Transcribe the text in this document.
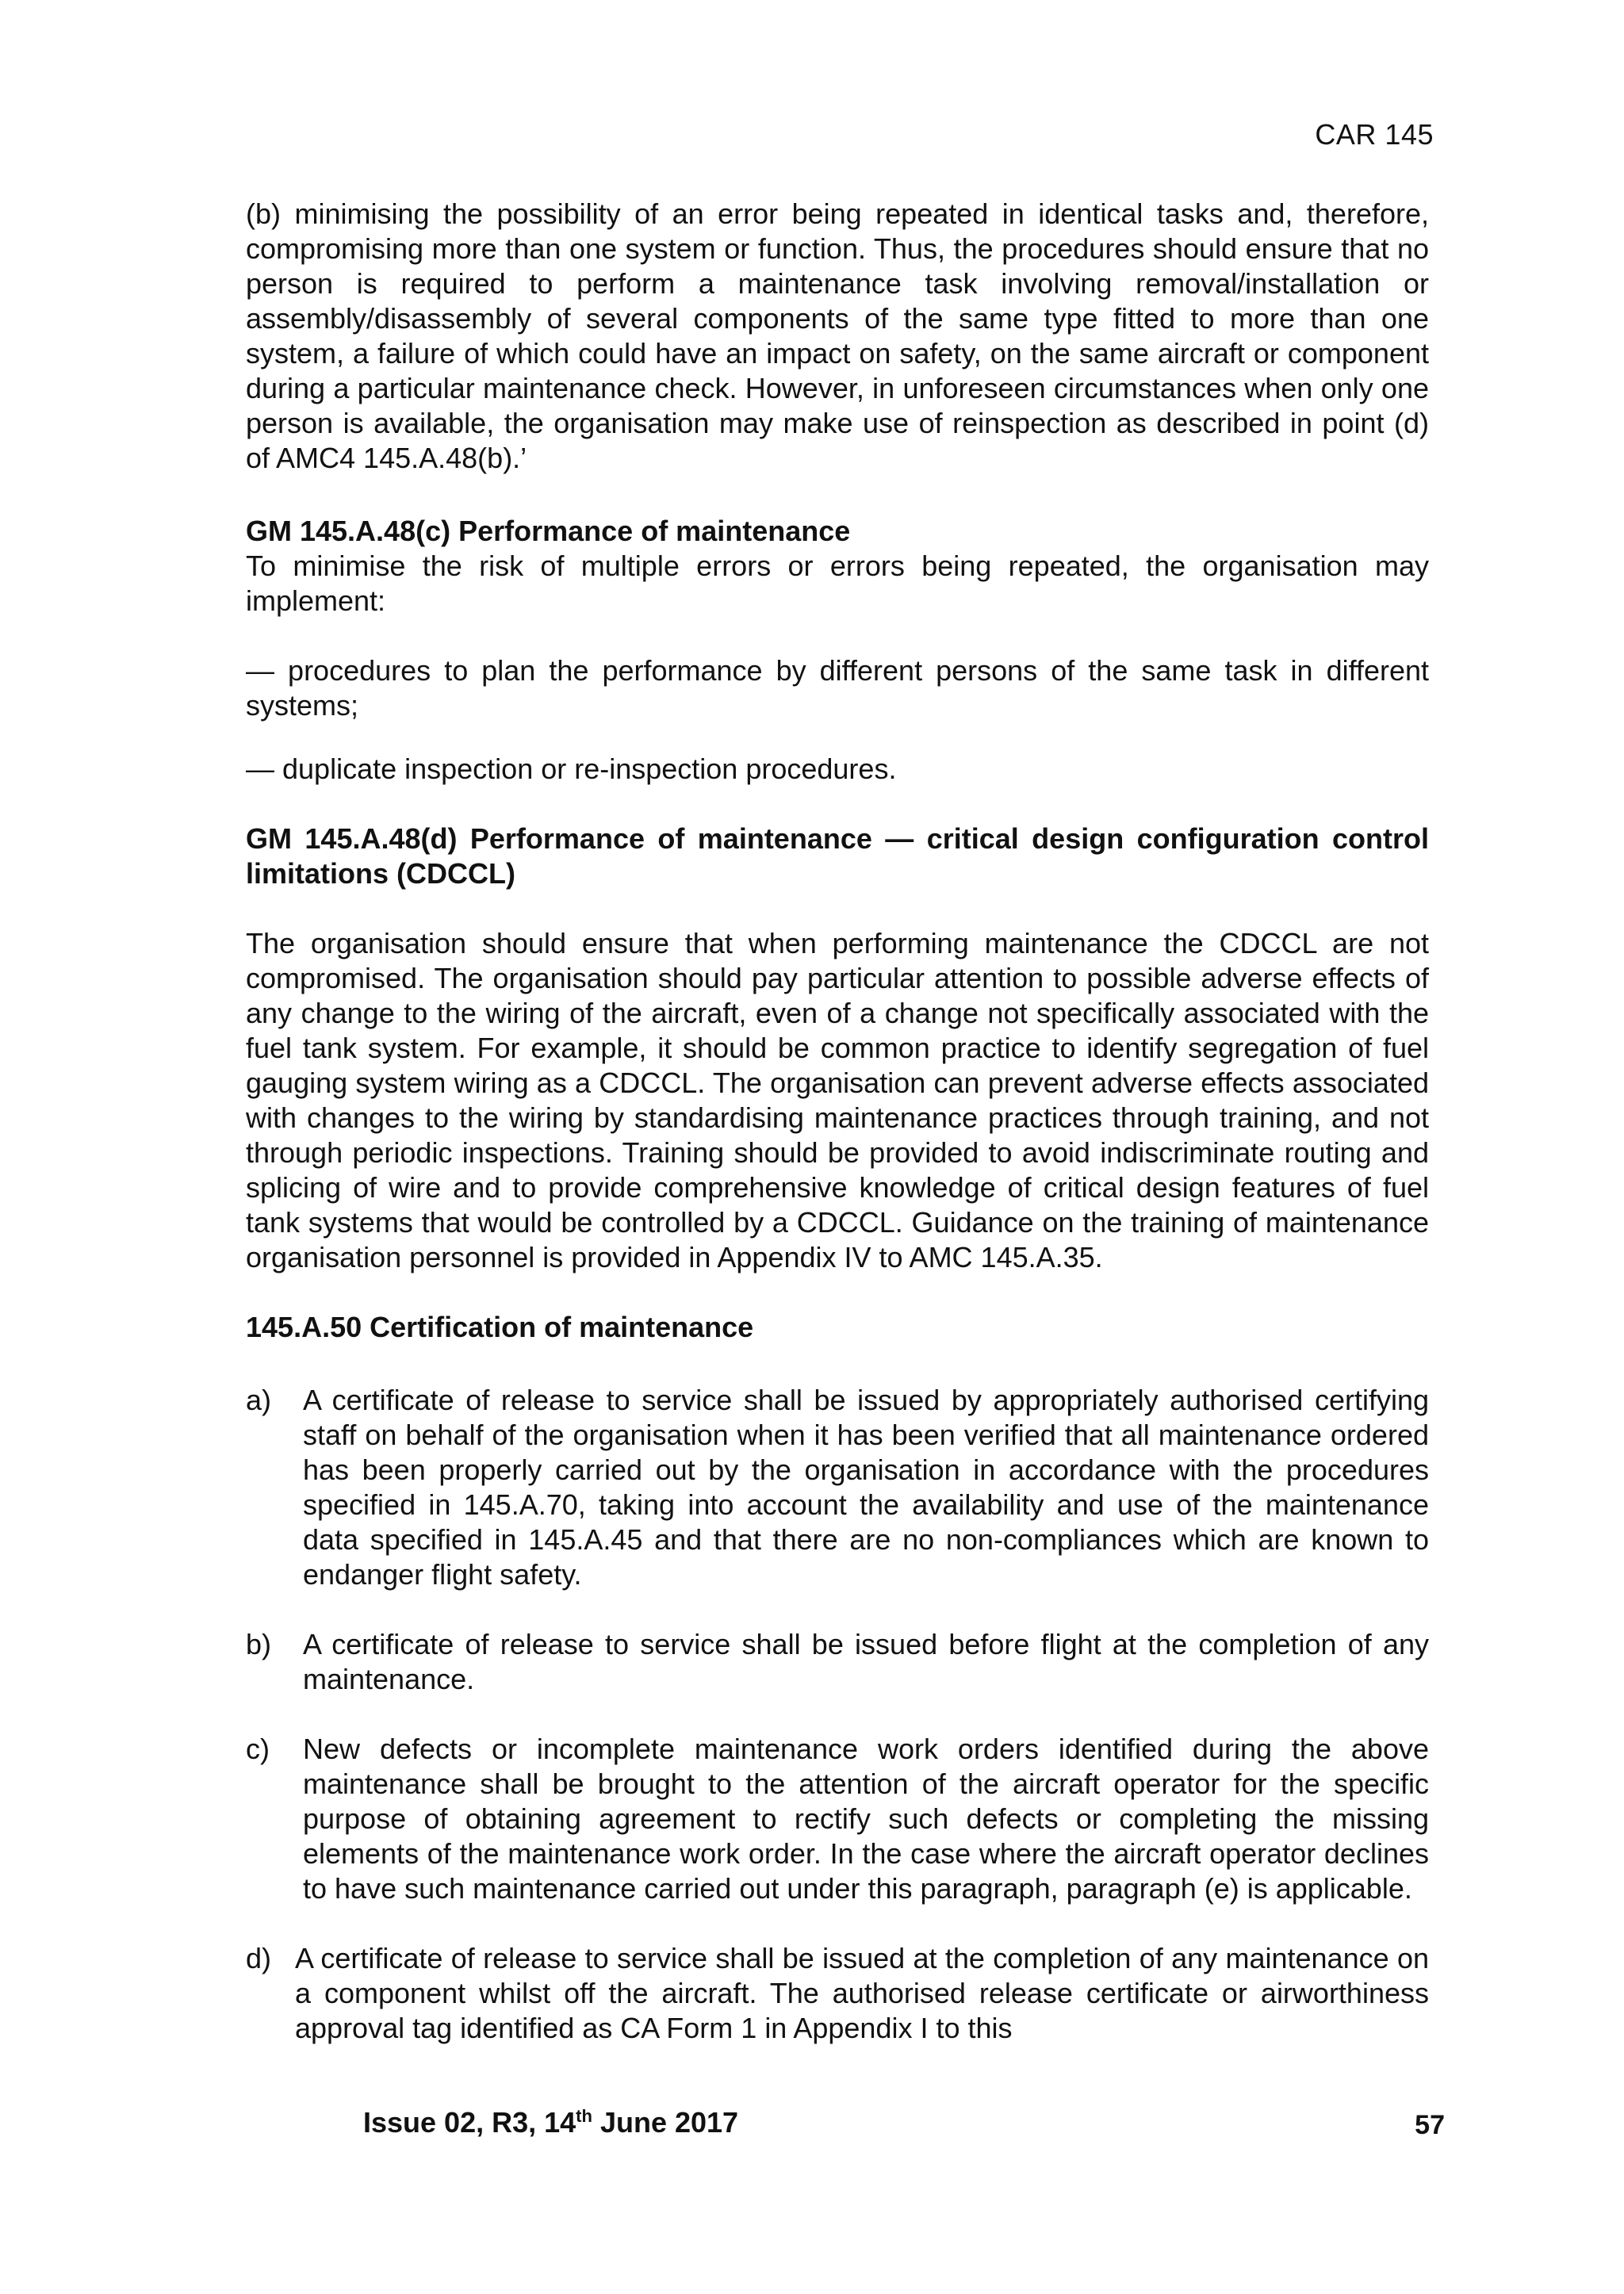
CAR 145

(b) minimising the possibility of an error being repeated in identical tasks and, therefore, compromising more than one system or function. Thus, the procedures should ensure that no person is required to perform a maintenance task involving removal/installation or assembly/disassembly of several components of the same type fitted to more than one system, a failure of which could have an impact on safety, on the same aircraft or component during a particular maintenance check. However, in unforeseen circumstances when only one person is available, the organisation may make use of reinspection as described in point (d) of AMC4 145.A.48(b).’

GM 145.A.48(c) Performance of maintenance

To minimise the risk of multiple errors or errors being repeated, the organisation may implement:

— procedures to plan the performance by different persons of the same task in different systems;

— duplicate inspection or re-inspection procedures.

GM 145.A.48(d) Performance of maintenance — critical design configuration control limitations (CDCCL)

The organisation should ensure that when performing maintenance the CDCCL are not compromised. The organisation should pay particular attention to possible adverse effects of any change to the wiring of the aircraft, even of a change not specifically associated with the fuel tank system. For example, it should be common practice to identify segregation of fuel gauging system wiring as a CDCCL. The organisation can prevent adverse effects associated with changes to the wiring by standardising maintenance practices through training, and not through periodic inspections. Training should be provided to avoid indiscriminate routing and splicing of wire and to provide comprehensive knowledge of critical design features of fuel tank systems that would be controlled by a CDCCL. Guidance on the training of maintenance organisation personnel is provided in Appendix IV to AMC 145.A.35.

145.A.50 Certification of maintenance
a)	A certificate of release to service shall be issued by appropriately authorised certifying staff on behalf of the organisation when it has been verified that all maintenance ordered has been properly carried out by the organisation in accordance with the procedures specified in 145.A.70, taking into account the availability and use of the maintenance data specified in 145.A.45 and that there are no non-compliances which are known to endanger flight safety.
b)	A certificate of release to service shall be issued before flight at the completion of any maintenance.
c)	New defects or incomplete maintenance work orders identified during the above maintenance shall be brought to the attention of the aircraft operator for the specific purpose of obtaining agreement to rectify such defects or completing the missing elements of the maintenance work order. In the case where the aircraft operator declines to have such maintenance carried out under this paragraph, paragraph (e) is applicable.
d) A certificate of release to service shall be issued at the completion of any maintenance on a component whilst off the aircraft. The authorised release certificate or airworthiness approval tag identified as CA Form 1 in Appendix I to this
Issue 02, R3, 14th June 2017	57
